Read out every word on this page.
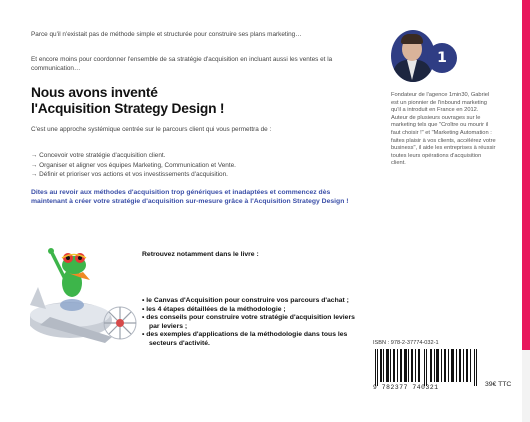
Parce qu'il n'existait pas de méthode simple et structurée pour construire ses plans marketing…
Et encore moins pour coordonner l'ensemble de sa stratégie d'acquisition en incluant aussi les ventes et la communication…
Nous avons inventé
l'Acquisition Strategy Design !
C'est une approche systémique centrée sur le parcours client qui vous permettra de :
→ Concevoir votre stratégie d'acquisition client.
→ Organiser et aligner vos équipes Marketing, Communication et Vente.
→ Définir et prioriser vos actions et vos investissements d'acquisition.
Dites au revoir aux méthodes d'acquisition trop génériques et inadaptées et commencez dès maintenant à créer votre stratégie d'acquisition sur-mesure grâce à l'Acquisition Strategy Design !
1
Fondateur de l'agence 1min30, Gabriel est un pionnier de l'inbound marketing qu'il a introduit en France en 2012. Auteur de plusieurs ouvrages sur le marketing tels que "Croître ou mourir il faut choisir !" et "Marketing Automation : faites plaisir à vos clients, accélérez votre business", il aide les entreprises à réussir toutes leurs opérations d'acquisition client.
Retrouvez notamment dans le livre :
• le Canvas d'Acquisition pour construire vos parcours d'achat ;
• les 4 étapes détaillées de la méthodologie ;
• des conseils pour construire votre stratégie d'acquisition leviers par leviers ;
• des exemples d'applications de la méthodologie dans tous les secteurs d'activité.	ISBN : 978-2-37774-032-1
9 782377 740321	39€ TTC
